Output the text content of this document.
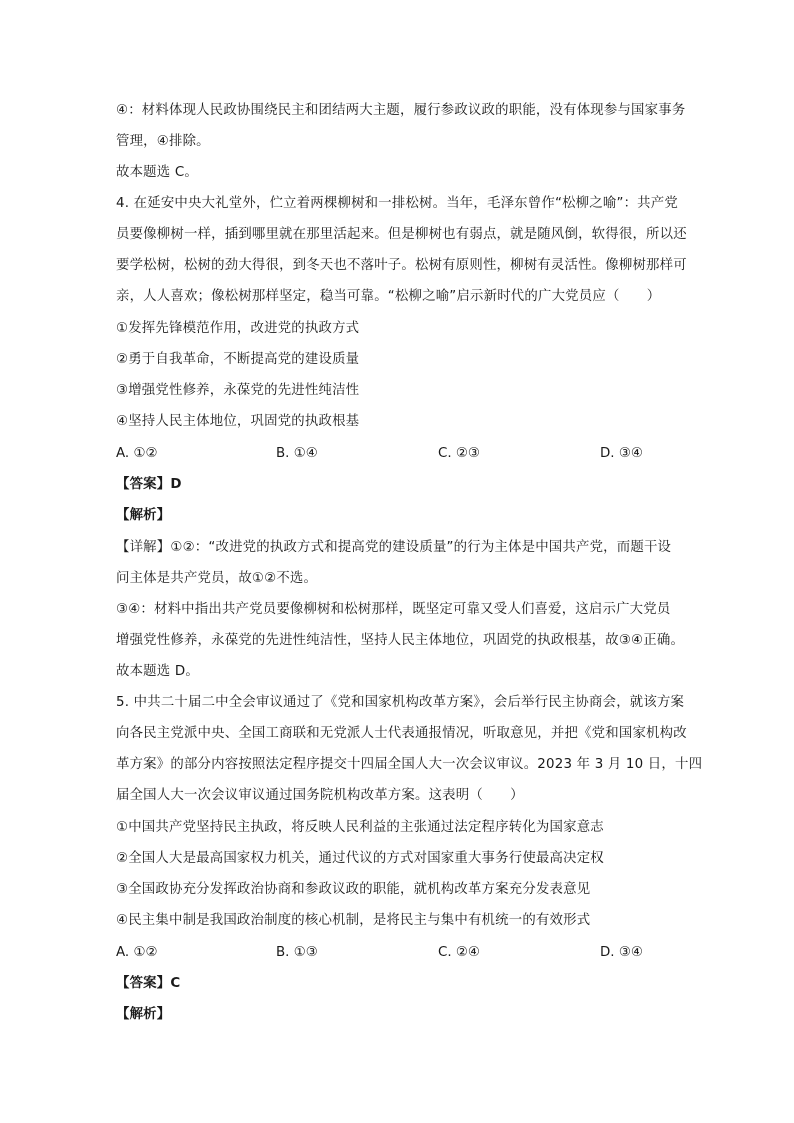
④：材料体现人民政协围绕民主和团结两大主题，履行参政议政的职能，没有体现参与国家事务
管理，④排除。
故本题选 C。
4. 在延安中央大礼堂外，伫立着两棵柳树和一排松树。当年，毛泽东曾作“松柳之喻”：共产党
员要像柳树一样，插到哪里就在那里活起来。但是柳树也有弱点，就是随风倒，软得很，所以还
要学松树，松树的劲大得很，到冬天也不落叶子。松树有原则性，柳树有灵活性。像柳树那样可
亲，人人喜欢；像松树那样坚定，稳当可靠。“松柳之喻”启示新时代的广大党员应（　　）
①发挥先锋模范作用，改进党的执政方式
②勇于自我革命，不断提高党的建设质量
③增强党性修养，永葆党的先进性纯洁性
④坚持人民主体地位，巩固党的执政根基
A. ①②	B. ①④	C. ②③	D. ③④
【答案】D
【解析】
【详解】①②：“改进党的执政方式和提高党的建设质量”的行为主体是中国共产党，而题干设
问主体是共产党员，故①②不选。
③④：材料中指出共产党员要像柳树和松树那样，既坚定可靠又受人们喜爱，这启示广大党员
增强党性修养，永葆党的先进性纯洁性，坚持人民主体地位，巩固党的执政根基，故③④正确。
故本题选 D。
5. 中共二十届二中全会审议通过了《党和国家机构改革方案》，会后举行民主协商会，就该方案
向各民主党派中央、全国工商联和无党派人士代表通报情况，听取意见，并把《党和国家机构改
革方案》的部分内容按照法定程序提交十四届全国人大一次会议审议。2023 年 3 月 10 日，十四
届全国人大一次会议审议通过国务院机构改革方案。这表明（　　）
①中国共产党坚持民主执政，将反映人民利益的主张通过法定程序转化为国家意志
②全国人大是最高国家权力机关，通过代议的方式对国家重大事务行使最高决定权
③全国政协充分发挥政治协商和参政议政的职能，就机构改革方案充分发表意见
④民主集中制是我国政治制度的核心机制，是将民主与集中有机统一的有效形式
A. ①②	B. ①③	C. ②④	D. ③④
【答案】C
【解析】
